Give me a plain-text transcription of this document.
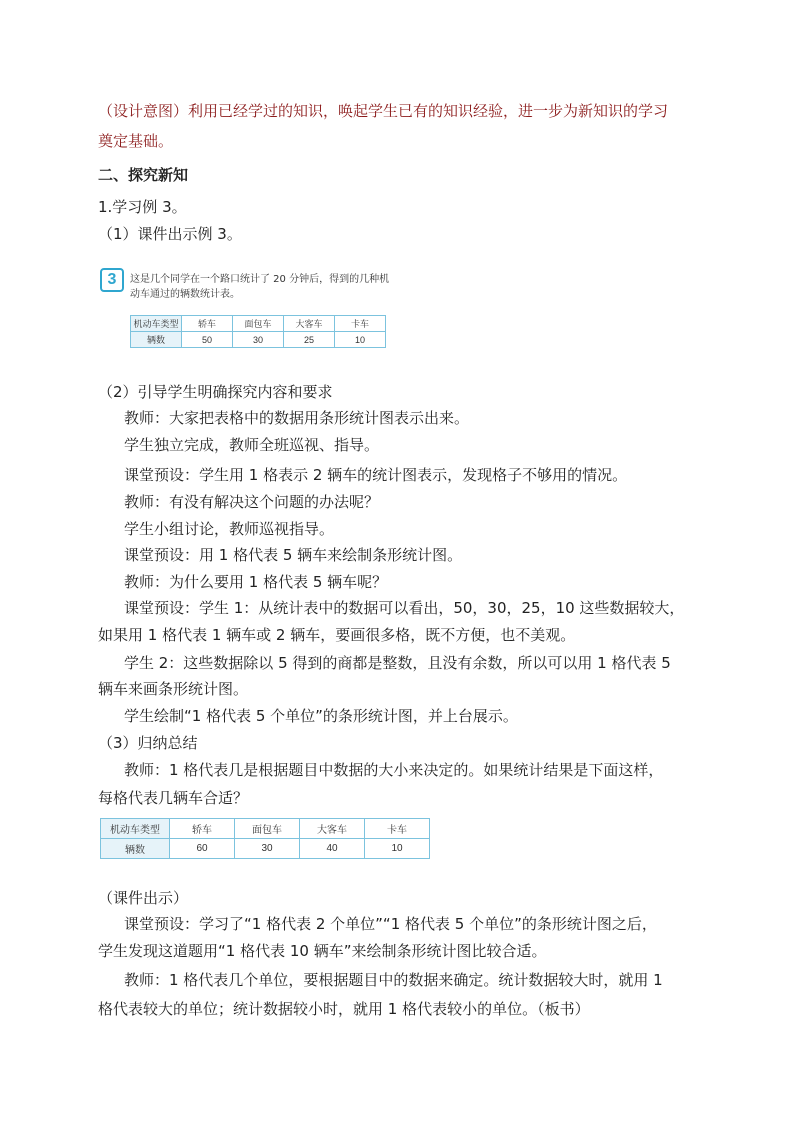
（设计意图）利用已经学过的知识，唤起学生已有的知识经验，进一步为新知识的学习
奠定基础。
二、探究新知
1.学习例 3。
（1）课件出示例 3。
3	这是几个同学在一个路口统计了 20 分钟后，得到的几种机
动车通过的辆数统计表。
机动车类型	轿车	面包车	大客车	卡车
辆数	50	30	25	10
（2）引导学生明确探究内容和要求
教师：大家把表格中的数据用条形统计图表示出来。
学生独立完成，教师全班巡视、指导。
课堂预设：学生用 1 格表示 2 辆车的统计图表示，发现格子不够用的情况。
教师：有没有解决这个问题的办法呢？
学生小组讨论，教师巡视指导。
课堂预设：用 1 格代表 5 辆车来绘制条形统计图。
教师：为什么要用 1 格代表 5 辆车呢？
课堂预设：学生 1：从统计表中的数据可以看出，50，30，25，10 这些数据较大，
如果用 1 格代表 1 辆车或 2 辆车，要画很多格，既不方便，也不美观。
学生 2：这些数据除以 5 得到的商都是整数，且没有余数，所以可以用 1 格代表 5
辆车来画条形统计图。
学生绘制“1 格代表 5 个单位”的条形统计图，并上台展示。
（3）归纳总结
教师：1 格代表几是根据题目中数据的大小来决定的。如果统计结果是下面这样，
每格代表几辆车合适？
机动车类型	轿车	面包车	大客车	卡车
辆数	60	30	40	10
（课件出示）
课堂预设：学习了“1 格代表 2 个单位”“1 格代表 5 个单位”的条形统计图之后，
学生发现这道题用“1 格代表 10 辆车”来绘制条形统计图比较合适。
教师：1 格代表几个单位，要根据题目中的数据来确定。统计数据较大时，就用 1
格代表较大的单位；统计数据较小时，就用 1 格代表较小的单位。（板书）
